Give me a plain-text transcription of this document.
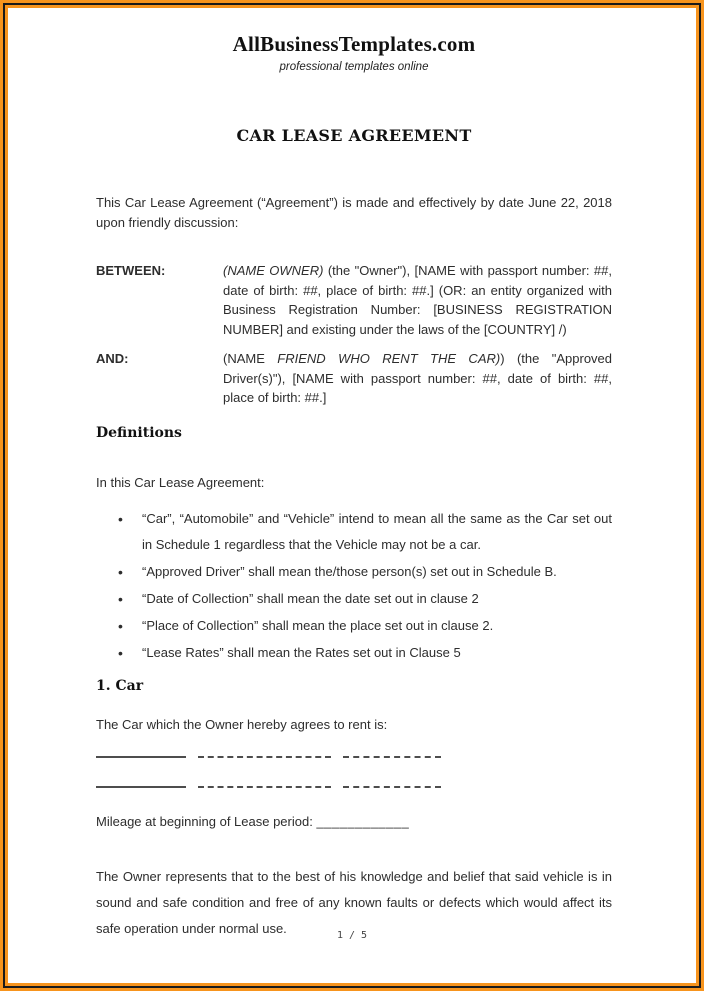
AllBusinessTemplates.com
professional templates online
CAR LEASE AGREEMENT

This Car Lease Agreement (“Agreement”) is made and effectively by date June 22, 2018 upon friendly discussion:

BETWEEN:	(NAME OWNER) (the "Owner"), [NAME with passport number: ##, date of birth: ##, place of birth: ##.] (OR: an entity organized with Business Registration Number: [BUSINESS REGISTRATION NUMBER] and existing under the laws of the [COUNTRY] /)
AND:	(NAME FRIEND WHO RENT THE CAR)) (the "Approved Driver(s)"), [NAME with passport number: ##, date of birth: ##, place of birth: ##.]
Definitions

In this Car Lease Agreement:

• “Car”, “Automobile” and “Vehicle” intend to mean all the same as the Car set out in Schedule 1 regardless that the Vehicle may not be a car.
• “Approved Driver” shall mean the/those person(s) set out in Schedule B.
• “Date of Collection” shall mean the date set out in clause 2
• “Place of Collection” shall mean the place set out in clause 2.
• “Lease Rates” shall mean the Rates set out in Clause 5
1. Car

The Car which the Owner hereby agrees to rent is:

Mileage at beginning of Lease period: ____________

The Owner represents that to the best of his knowledge and belief that said vehicle is in sound and safe condition and free of any known faults or defects which would affect its safe operation under normal use.	1 / 5
